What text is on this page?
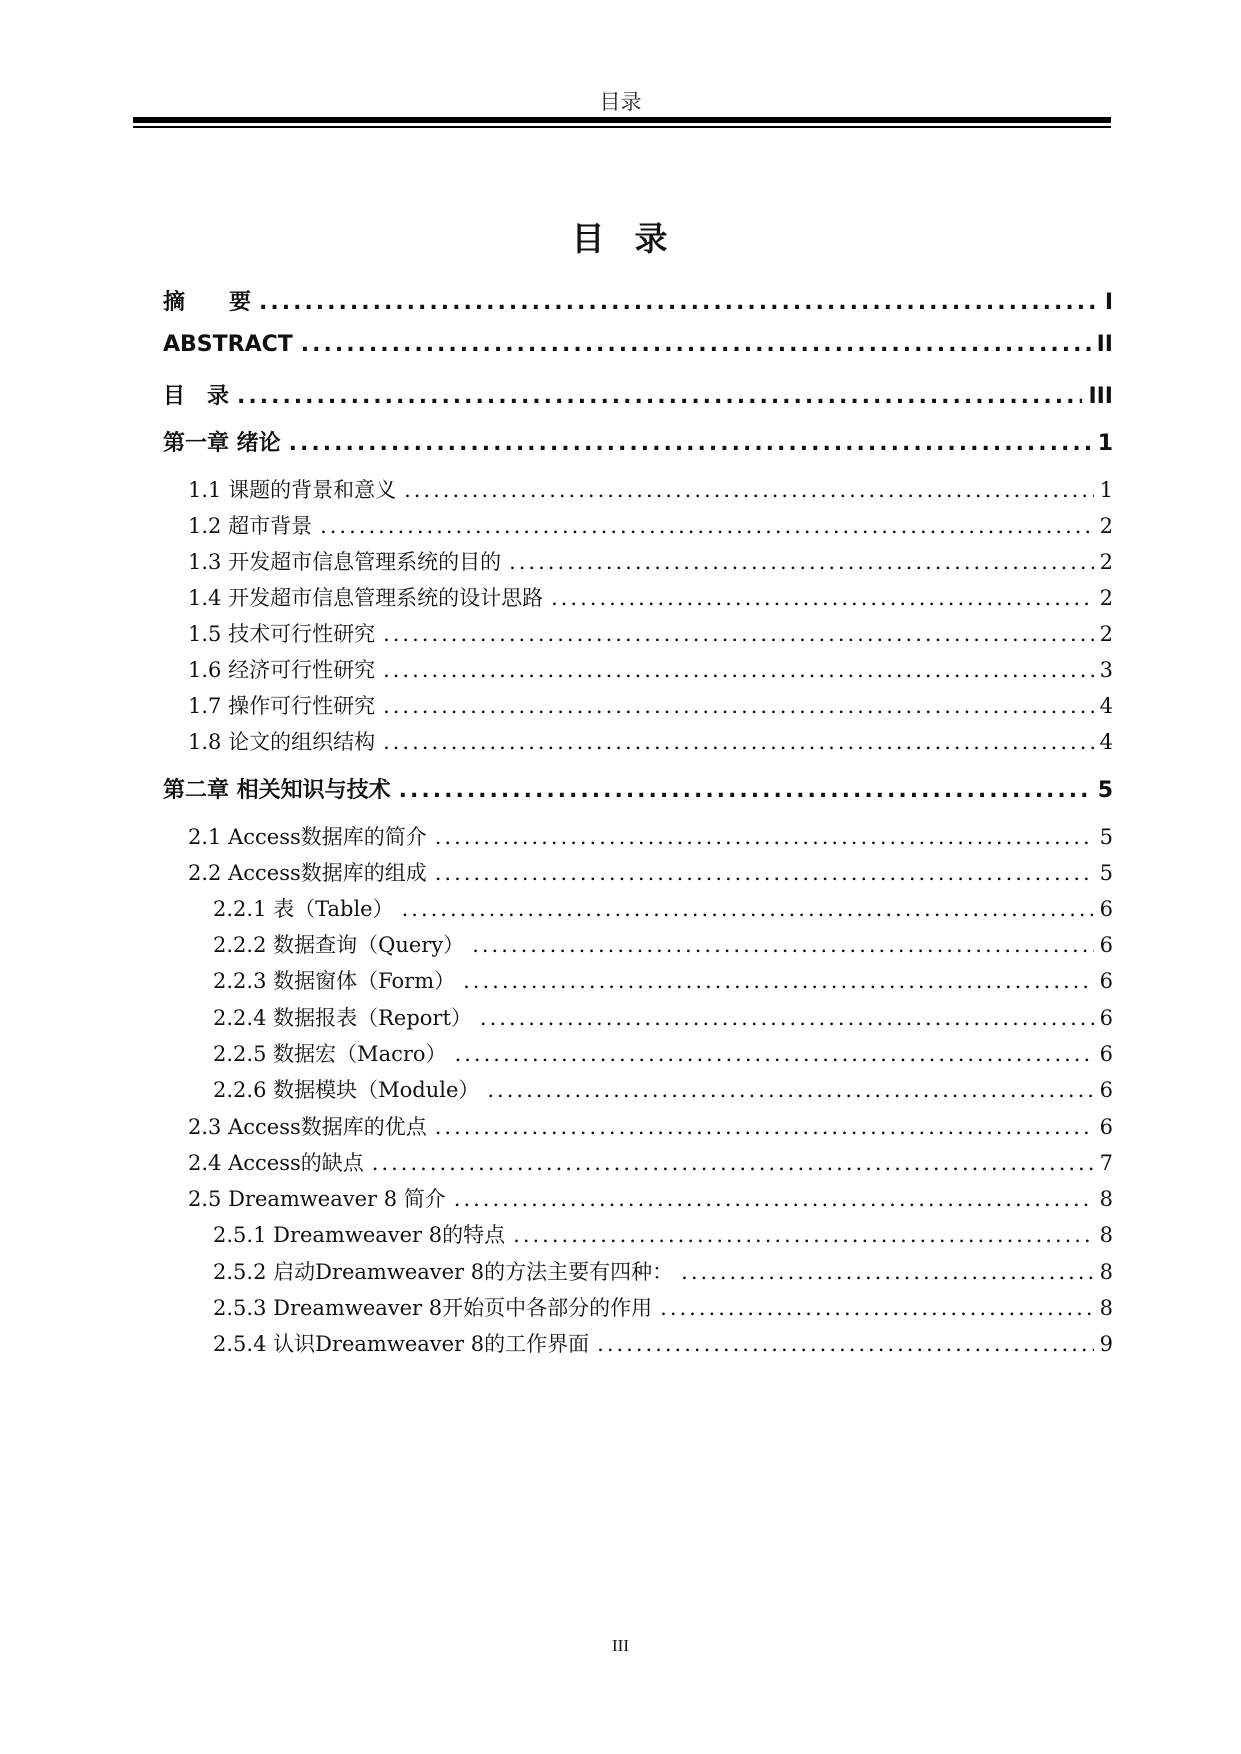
目录
目 录
摘　　要 .....	I
ABSTRACT .....	II
目　录 .....	III
第一章 绪论 .....	1
1.1 课题的背景和意义 .....	1
1.2 超市背景 .....	2
1.3 开发超市信息管理系统的目的 .....	2
1.4 开发超市信息管理系统的设计思路 .....	2
1.5 技术可行性研究 .....	2
1.6 经济可行性研究 .....	3
1.7 操作可行性研究 .....	4
1.8 论文的组织结构 .....	4
第二章 相关知识与技术 .....	5
2.1 Access数据库的简介 .....	5
2.2 Access数据库的组成 .....	5
2.2.1 表（Table） .....	6
2.2.2 数据查询（Query） .....	6
2.2.3 数据窗体（Form） .....	6
2.2.4 数据报表（Report） .....	6
2.2.5 数据宏（Macro） .....	6
2.2.6 数据模块（Module） .....	6
2.3 Access数据库的优点 .....	6
2.4 Access的缺点 .....	7
2.5 Dreamweaver 8 简介 .....	8
2.5.1 Dreamweaver 8的特点 .....	8
2.5.2 启动Dreamweaver 8的方法主要有四种： .....	8
2.5.3 Dreamweaver 8开始页中各部分的作用 .....	8
2.5.4 认识Dreamweaver 8的工作界面 .....	9
III
